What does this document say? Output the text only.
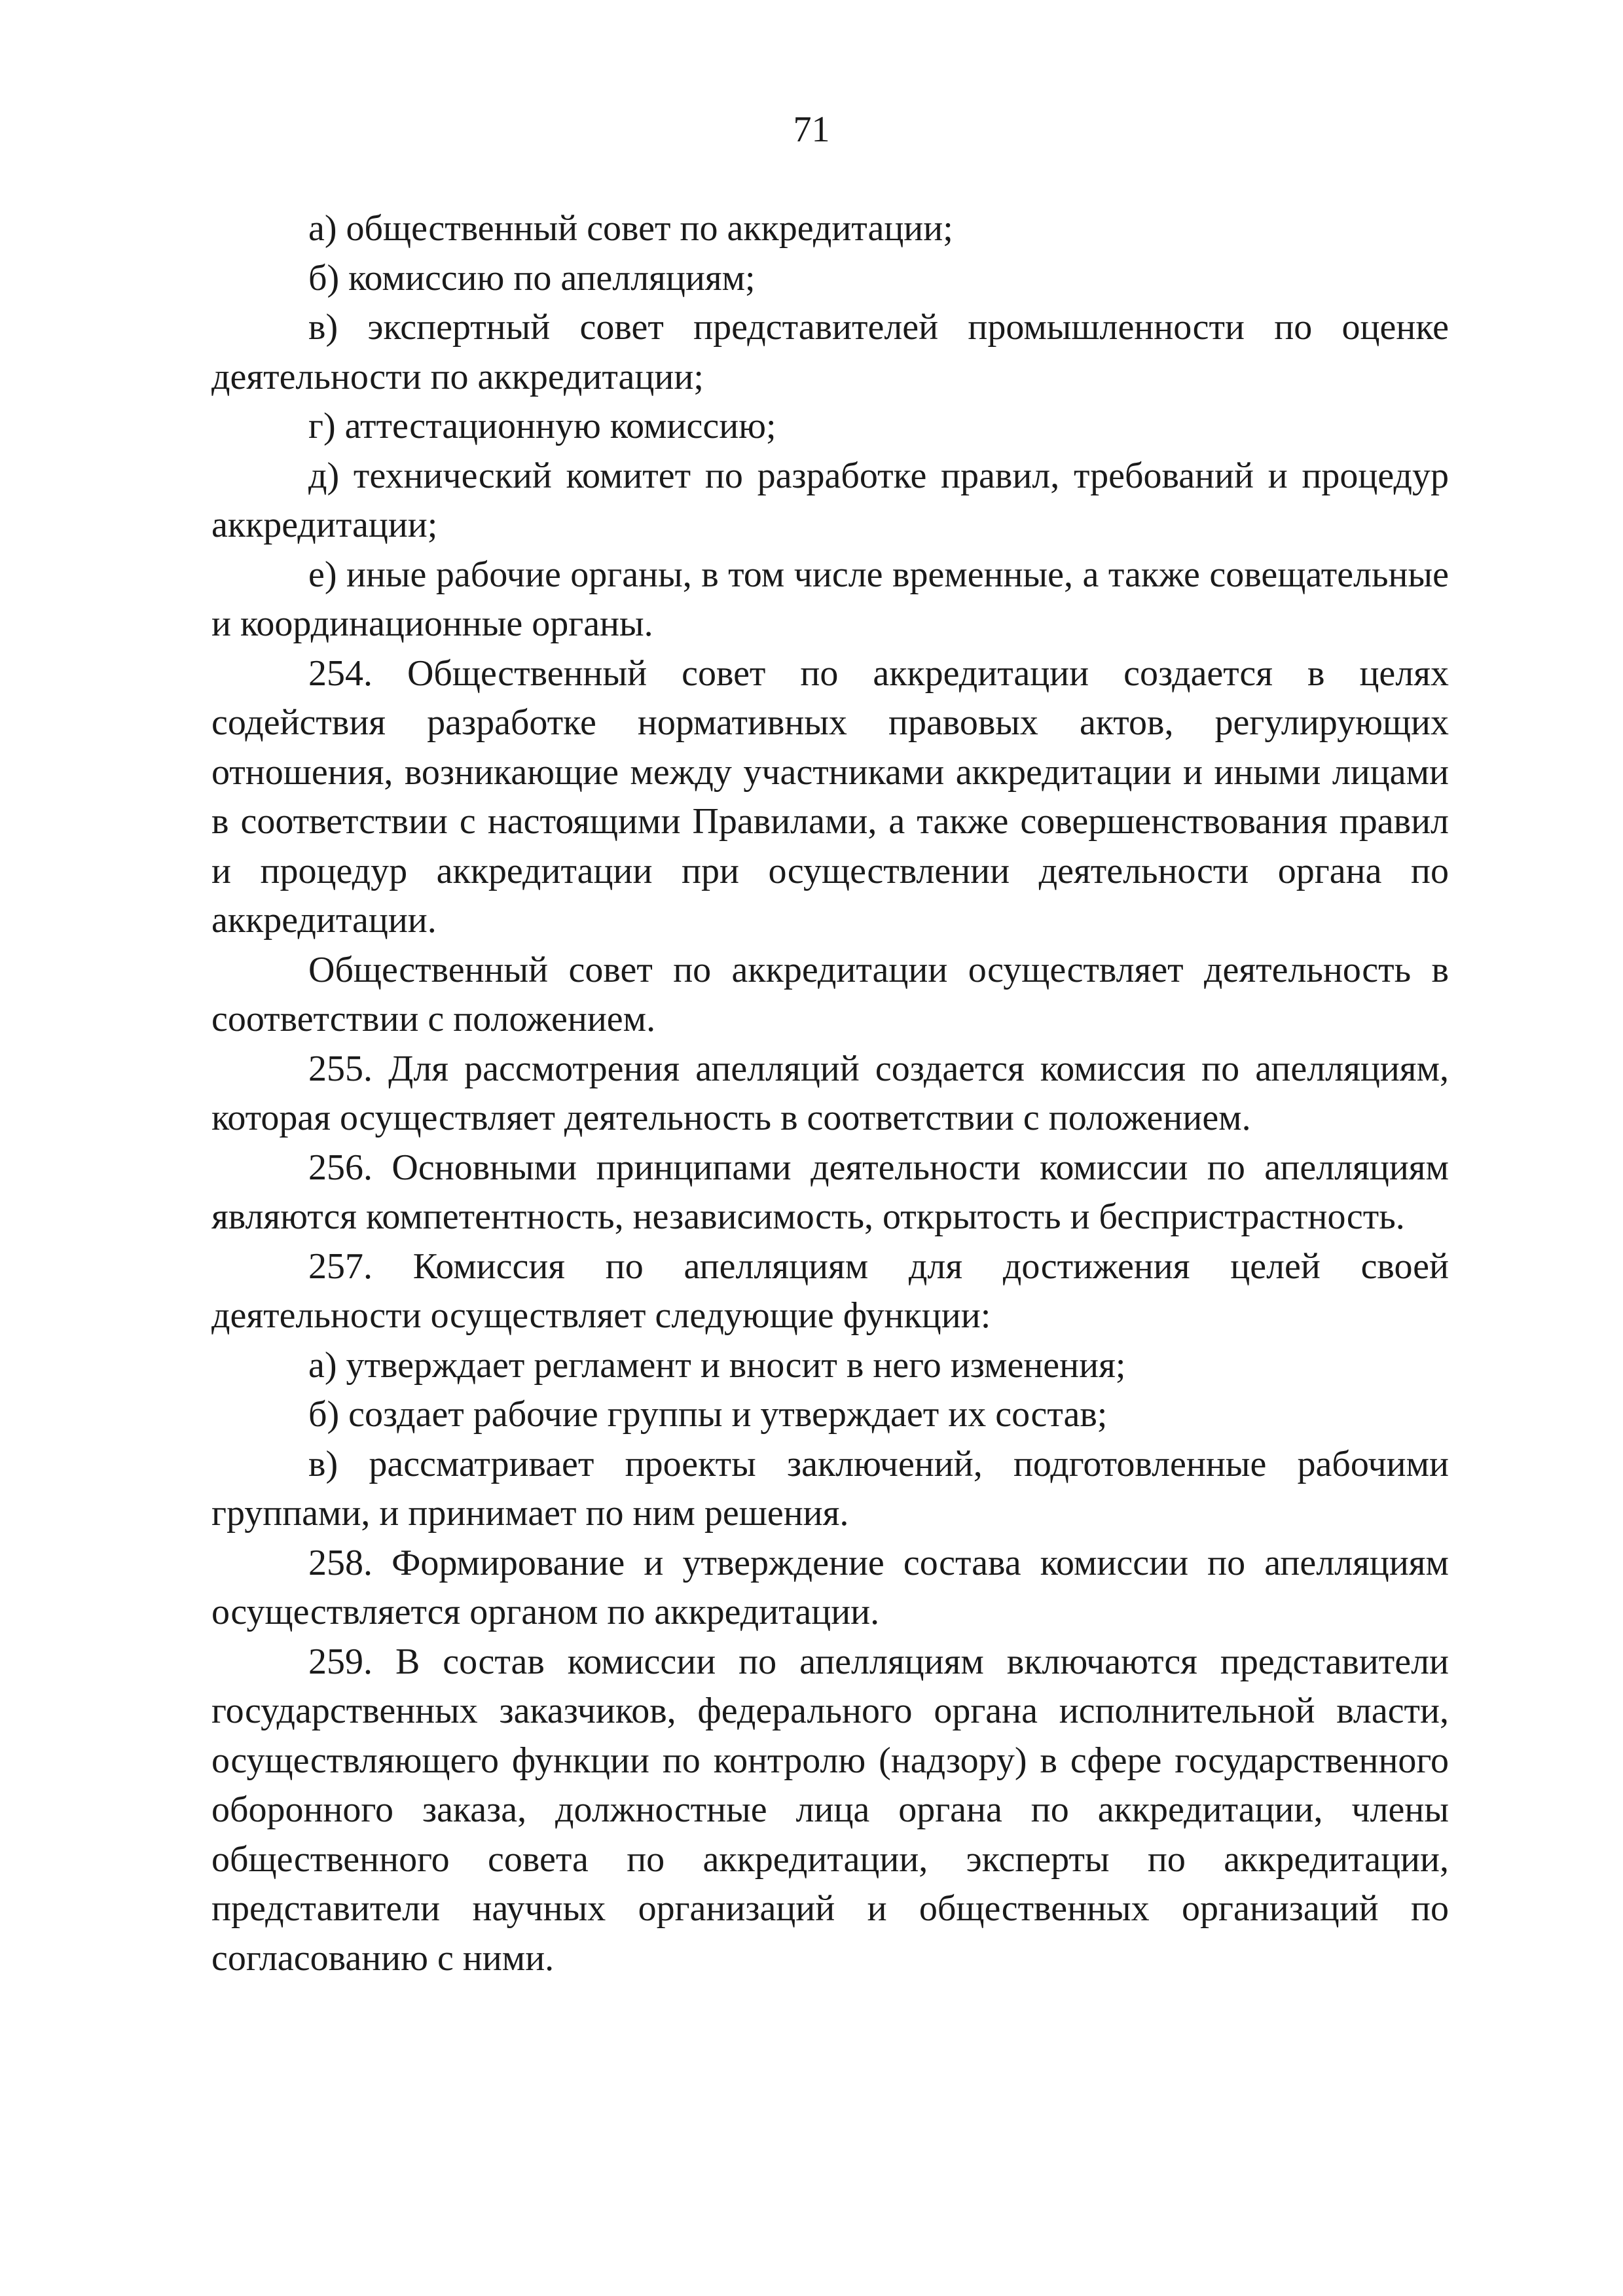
71

а) общественный совет по аккредитации;

б) комиссию по апелляциям;

в) экспертный совет представителей промышленности по оценке деятельности по аккредитации;

г) аттестационную комиссию;

д) технический комитет по разработке правил, требований и процедур аккредитации;

е) иные рабочие органы, в том числе временные, а также совещательные и координационные органы.

254. Общественный совет по аккредитации создается в целях содействия разработке нормативных правовых актов, регулирующих отношения, возникающие между участниками аккредитации и иными лицами в соответствии с настоящими Правилами, а также совершенствования правил и процедур аккредитации при осуществлении деятельности органа по аккредитации.

Общественный совет по аккредитации осуществляет деятельность в соответствии с положением.

255. Для рассмотрения апелляций создается комиссия по апелляциям, которая осуществляет деятельность в соответствии с положением.

256. Основными принципами деятельности комиссии по апелляциям являются компетентность, независимость, открытость и беспристрастность.

257. Комиссия по апелляциям для достижения целей своей деятельности осуществляет следующие функции:

а) утверждает регламент и вносит в него изменения;

б) создает рабочие группы и утверждает их состав;

в) рассматривает проекты заключений, подготовленные рабочими группами, и принимает по ним решения.

258. Формирование и утверждение состава комиссии по апелляциям осуществляется органом по аккредитации.

259. В состав комиссии по апелляциям включаются представители государственных заказчиков, федерального органа исполнительной власти, осуществляющего функции по контролю (надзору) в сфере государственного оборонного заказа, должностные лица органа по аккредитации, члены общественного совета по аккредитации, эксперты по аккредитации, представители научных организаций и общественных организаций по согласованию с ними.
